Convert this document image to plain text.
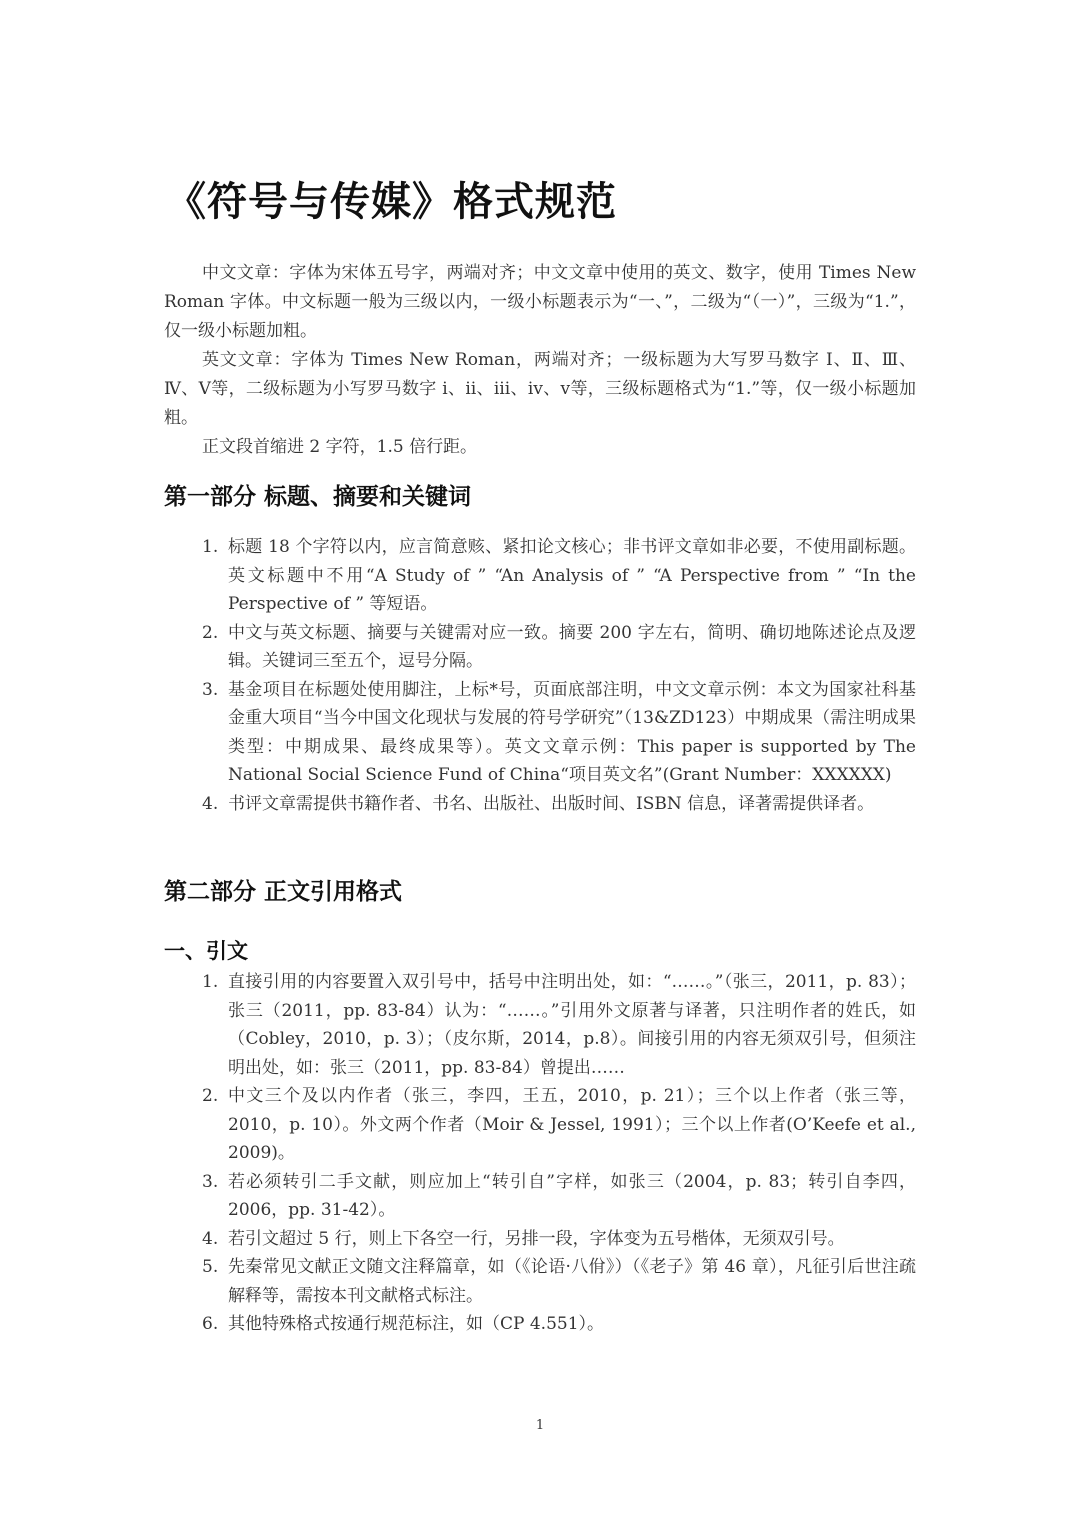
《符号与传媒》格式规范

中文文章：字体为宋体五号字，两端对齐；中文文章中使用的英文、数字，使用 Times New Roman 字体。中文标题一般为三级以内，一级小标题表示为“一、”，二级为“（一）”，三级为“1.”，仅一级小标题加粗。

英文文章：字体为 Times New Roman，两端对齐；一级标题为大写罗马数字 Ⅰ、Ⅱ、Ⅲ、Ⅳ、Ⅴ等，二级标题为小写罗马数字 ⅰ、ⅱ、ⅲ、ⅳ、ⅴ等，三级标题格式为“1.”等，仅一级小标题加粗。

正文段首缩进 2 字符，1.5 倍行距。

第一部分 标题、摘要和关键词
1. 标题 18 个字符以内，应言简意赅、紧扣论文核心；非书评文章如非必要，不使用副标题。英文标题中不用“A Study of ” “An Analysis of ” “A Perspective from ” “In the Perspective of ” 等短语。
2. 中文与英文标题、摘要与关键需对应一致。摘要 200 字左右，简明、确切地陈述论点及逻辑。关键词三至五个，逗号分隔。
3. 基金项目在标题处使用脚注，上标*号，页面底部注明，中文文章示例：本文为国家社科基金重大项目“当今中国文化现状与发展的符号学研究”（13&ZD123）中期成果（需注明成果类型：中期成果、最终成果等）。英文文章示例：This paper is supported by The National Social Science Fund of China“项目英文名”(Grant Number：XXXXXX)
4. 书评文章需提供书籍作者、书名、出版社、出版时间、ISBN 信息，译著需提供译者。
第二部分 正文引用格式
一、引文
1. 直接引用的内容要置入双引号中，括号中注明出处，如：“……。”（张三，2011，p. 83）；张三（2011，pp. 83-84）认为：“……。”引用外文原著与译著，只注明作者的姓氏，如（Cobley，2010，p. 3）；（皮尔斯，2014，p.8）。间接引用的内容无须双引号，但须注明出处，如：张三（2011，pp. 83-84）曾提出……
2. 中文三个及以内作者（张三，李四，王五，2010，p. 21）；三个以上作者（张三等，2010，p. 10）。外文两个作者（Moir & Jessel, 1991）；三个以上作者(O’Keefe et al., 2009)。
3. 若必须转引二手文献，则应加上“转引自”字样，如张三（2004，p. 83；转引自李四，2006，pp. 31-42）。
4. 若引文超过 5 行，则上下各空一行，另排一段，字体变为五号楷体，无须双引号。
5. 先秦常见文献正文随文注释篇章，如（《论语·八佾》）（《老子》第 46 章），凡征引后世注疏解释等，需按本刊文献格式标注。
6. 其他特殊格式按通行规范标注，如（CP 4.551）。
1
